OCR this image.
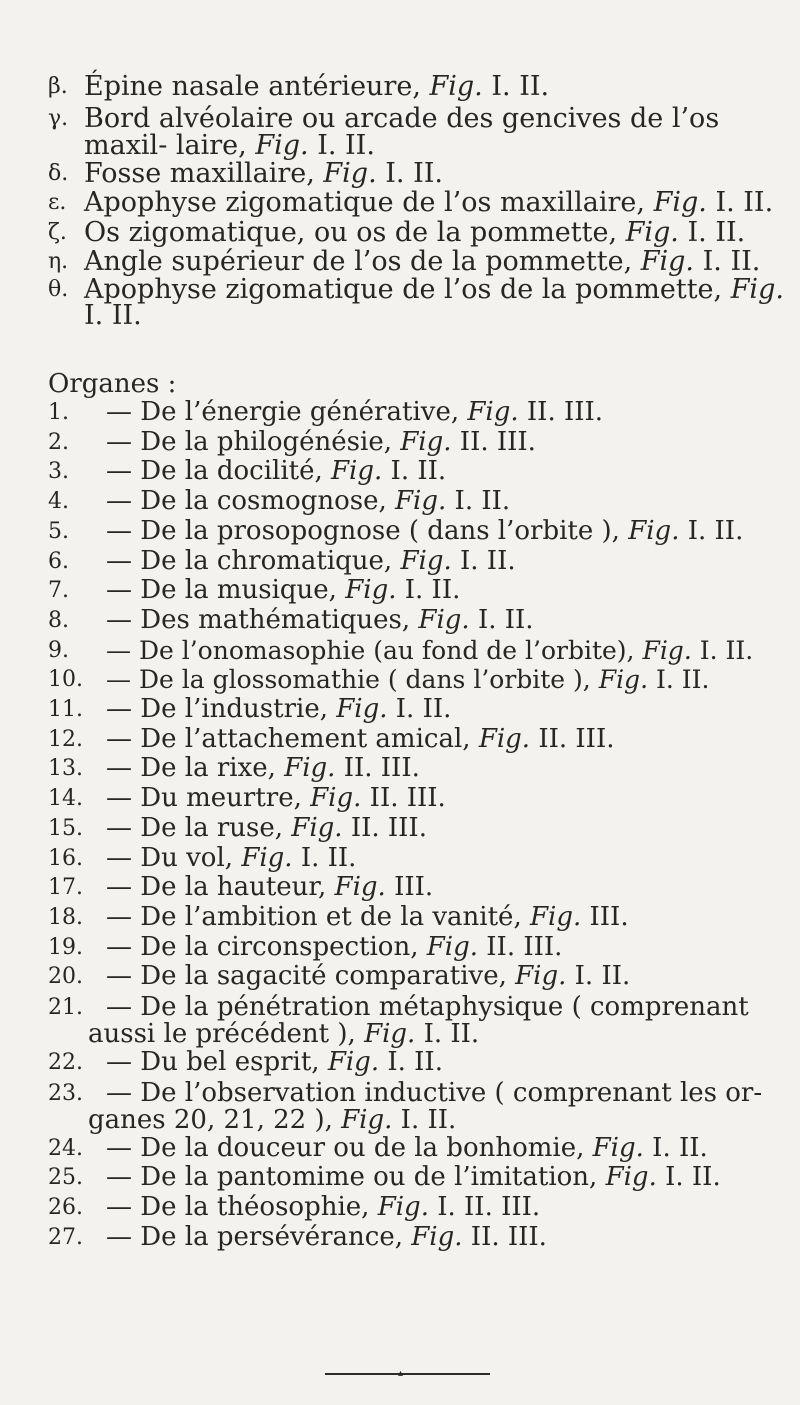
β. Épine nasale antérieure, Fig. I. II.
γ. Bord alvéolaire ou arcade des gencives de l’os maxil- laire, Fig. I. II.
δ. Fosse maxillaire, Fig. I. II.
ε. Apophyse zigomatique de l’os maxillaire, Fig. I. II.
ζ. Os zigomatique, ou os de la pommette, Fig. I. II.
η. Angle supérieur de l’os de la pommette, Fig. I. II.
θ. Apophyse zigomatique de l’os de la pommette, Fig. I. II.
Organes :
1.	— De l’énergie générative, Fig. II. III.
2.	— De la philogénésie, Fig. II. III.
3.	— De la docilité, Fig. I. II.
4.	— De la cosmognose, Fig. I. II.
5.	— De la prosopognose ( dans l’orbite ), Fig. I. II.
6.	— De la chromatique, Fig. I. II.
7.	— De la musique, Fig. I. II.
8.	— Des mathématiques, Fig. I. II.
9.	— De l’onomasophie (au fond de l’orbite), Fig. I. II.
10. — De la glossomathie ( dans l’orbite ), Fig. I. II.
11. — De l’industrie, Fig. I. II.
12. — De l’attachement amical, Fig. II. III.
13. — De la rixe, Fig. II. III.
14. — Du meurtre, Fig. II. III.
15. — De la ruse, Fig. II. III.
16. — Du vol, Fig. I. II.
17. — De la hauteur, Fig. III.
18. — De l’ambition et de la vanité, Fig. III.
19. — De la circonspection, Fig. II. III.
20. — De la sagacité comparative, Fig. I. II.
21. — De la pénétration métaphysique ( comprenant
aussi le précédent ), Fig. I. II.
22. — Du bel esprit, Fig. I. II.
23. — De l’observation inductive ( comprenant les or-
ganes 20, 21, 22 ), Fig. I. II.
24. — De la douceur ou de la bonhomie, Fig. I. II.
25. — De la pantomime ou de l’imitation, Fig. I. II.
26. — De la théosophie, Fig. I. II. III.
27. — De la persévérance, Fig. II. III.
▴
